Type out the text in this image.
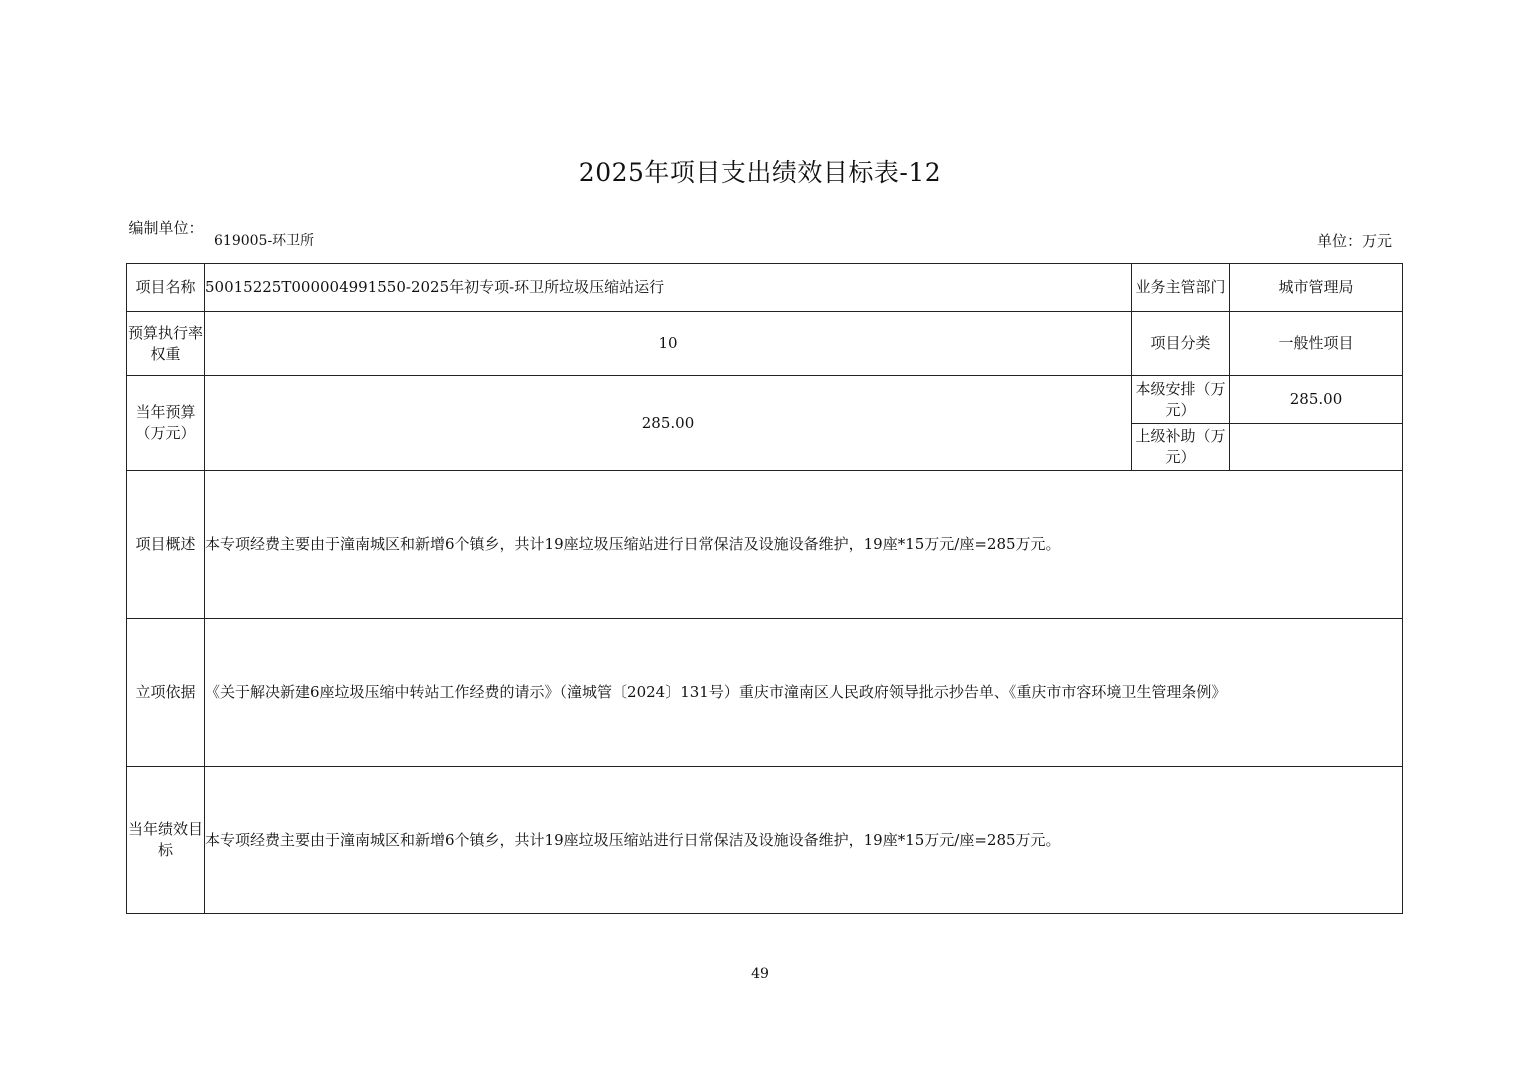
2025年项目支出绩效目标表-12
编制单位：
619005-环卫所	单位：万元
项目名称	50015225T000004991550-2025年初专项-环卫所垃圾压缩站运行	业务主管部门	城市管理局
预算执行率权重	10	项目分类	一般性项目
当年预算（万元）	285.00	本级安排（万元）	285.00
		上级补助（万元）	
项目概述	本专项经费主要由于潼南城区和新增6个镇乡，共计19座垃圾压缩站进行日常保洁及设施设备维护，19座*15万元/座=285万元。		
立项依据	《关于解决新建6座垃圾压缩中转站工作经费的请示》（潼城管〔2024〕131号）重庆市潼南区人民政府领导批示抄告单、《重庆市市容环境卫生管理条例》		
当年绩效目标	本专项经费主要由于潼南城区和新增6个镇乡，共计19座垃圾压缩站进行日常保洁及设施设备维护，19座*15万元/座=285万元。		
49
